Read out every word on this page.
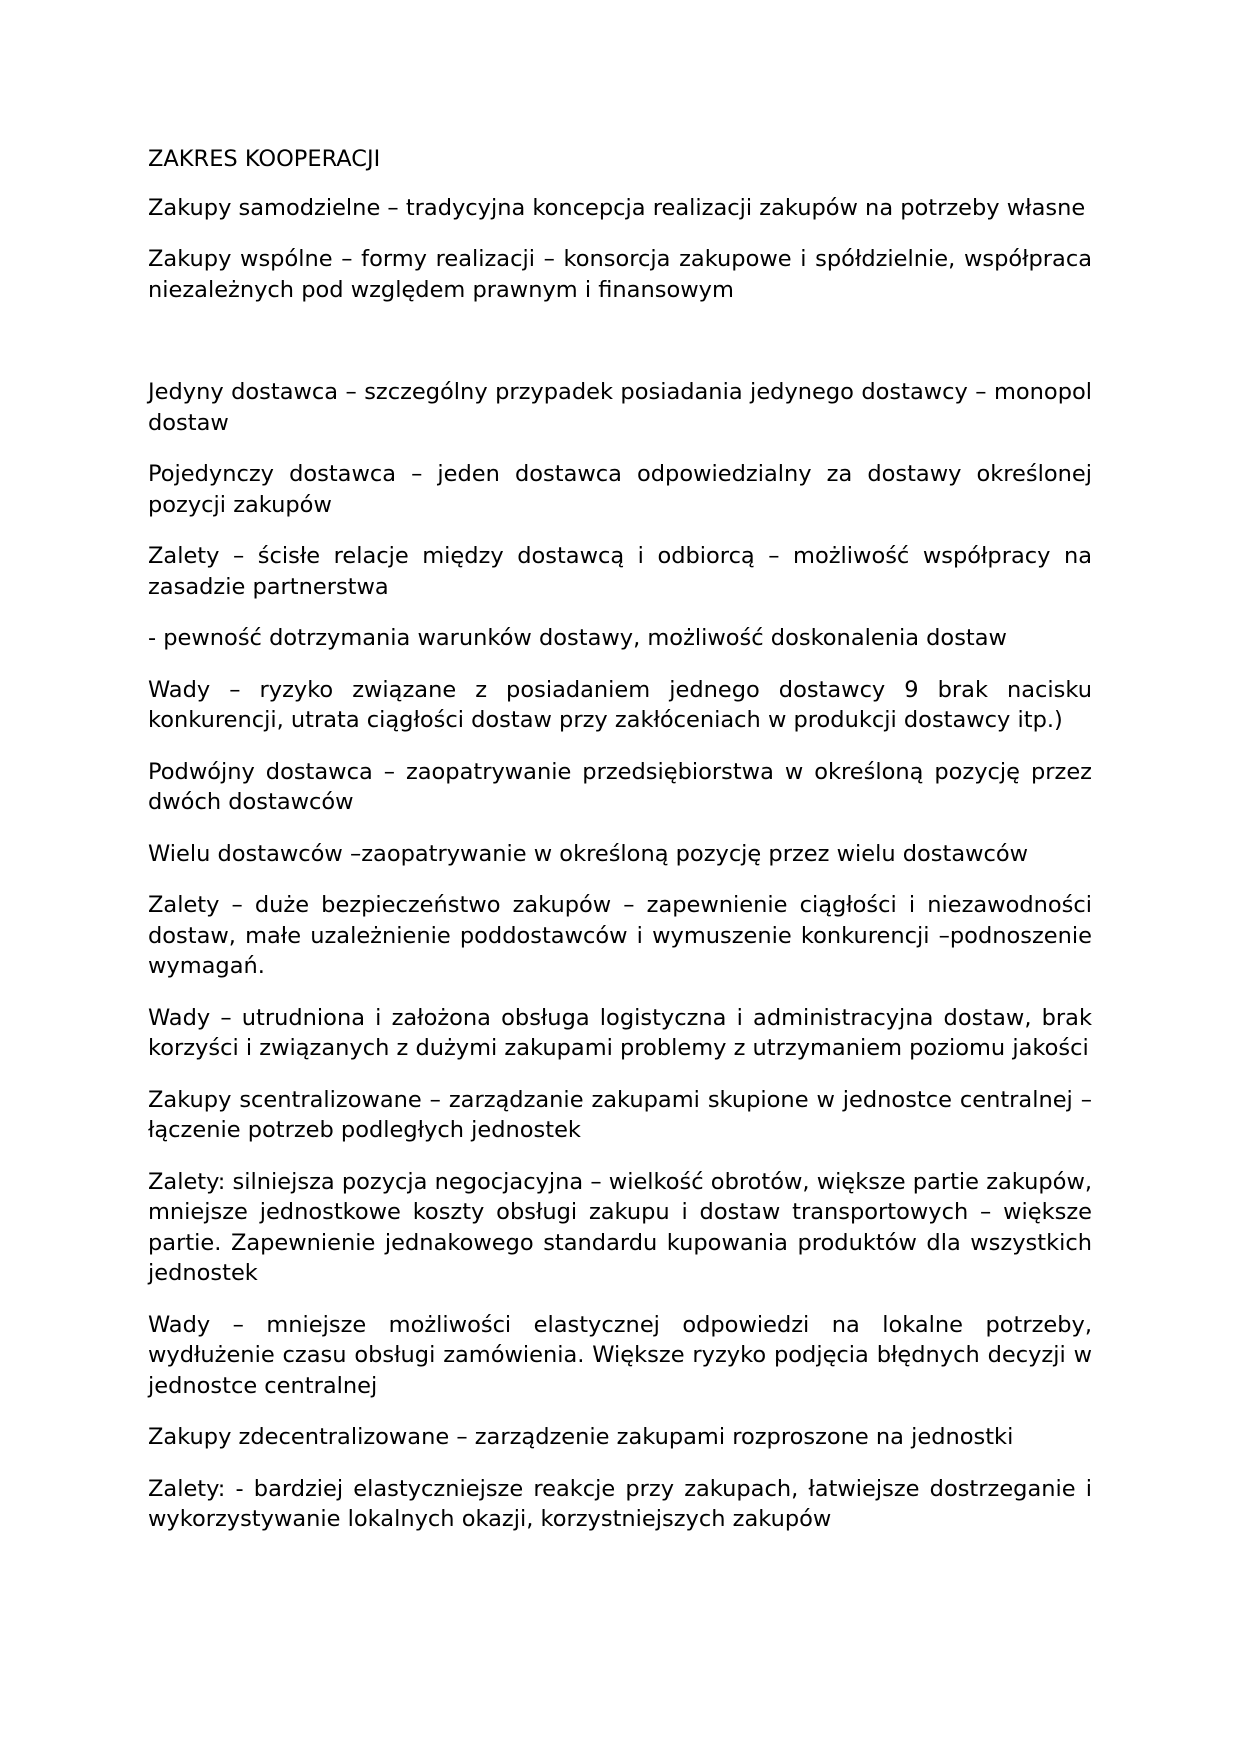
ZAKRES KOOPERACJI

Zakupy samodzielne – tradycyjna koncepcja realizacji zakupów na potrzeby własne

Zakupy wspólne – formy realizacji – konsorcja zakupowe i spółdzielnie, współpraca niezależnych pod względem prawnym i finansowym

Jedyny dostawca – szczególny przypadek posiadania jedynego dostawcy – monopol dostaw

Pojedynczy dostawca – jeden dostawca odpowiedzialny za dostawy określonej pozycji zakupów

Zalety – ścisłe relacje między dostawcą i odbiorcą – możliwość współpracy na zasadzie partnerstwa

- pewność dotrzymania warunków dostawy, możliwość doskonalenia dostaw

Wady – ryzyko związane z posiadaniem jednego dostawcy 9 brak nacisku konkurencji, utrata ciągłości dostaw przy zakłóceniach w produkcji dostawcy itp.)

Podwójny dostawca – zaopatrywanie przedsiębiorstwa w określoną pozycję przez dwóch dostawców

Wielu dostawców –zaopatrywanie w określoną pozycję przez wielu dostawców

Zalety – duże bezpieczeństwo zakupów – zapewnienie ciągłości i niezawodności dostaw, małe uzależnienie poddostawców i wymuszenie konkurencji –podnoszenie wymagań.

Wady – utrudniona i założona obsługa logistyczna i administracyjna dostaw, brak korzyści i związanych z dużymi zakupami problemy z utrzymaniem poziomu jakości

Zakupy scentralizowane – zarządzanie zakupami skupione w jednostce centralnej – łączenie potrzeb podległych jednostek

Zalety: silniejsza pozycja negocjacyjna – wielkość obrotów, większe partie zakupów, mniejsze jednostkowe koszty obsługi zakupu i dostaw transportowych – większe partie. Zapewnienie jednakowego standardu kupowania produktów dla wszystkich jednostek

Wady – mniejsze możliwości elastycznej odpowiedzi na lokalne potrzeby, wydłużenie czasu obsługi zamówienia. Większe ryzyko podjęcia błędnych decyzji w jednostce centralnej

Zakupy zdecentralizowane – zarządzenie zakupami rozproszone na jednostki

Zalety: - bardziej elastyczniejsze reakcje przy zakupach, łatwiejsze dostrzeganie i wykorzystywanie lokalnych okazji, korzystniejszych zakupów
